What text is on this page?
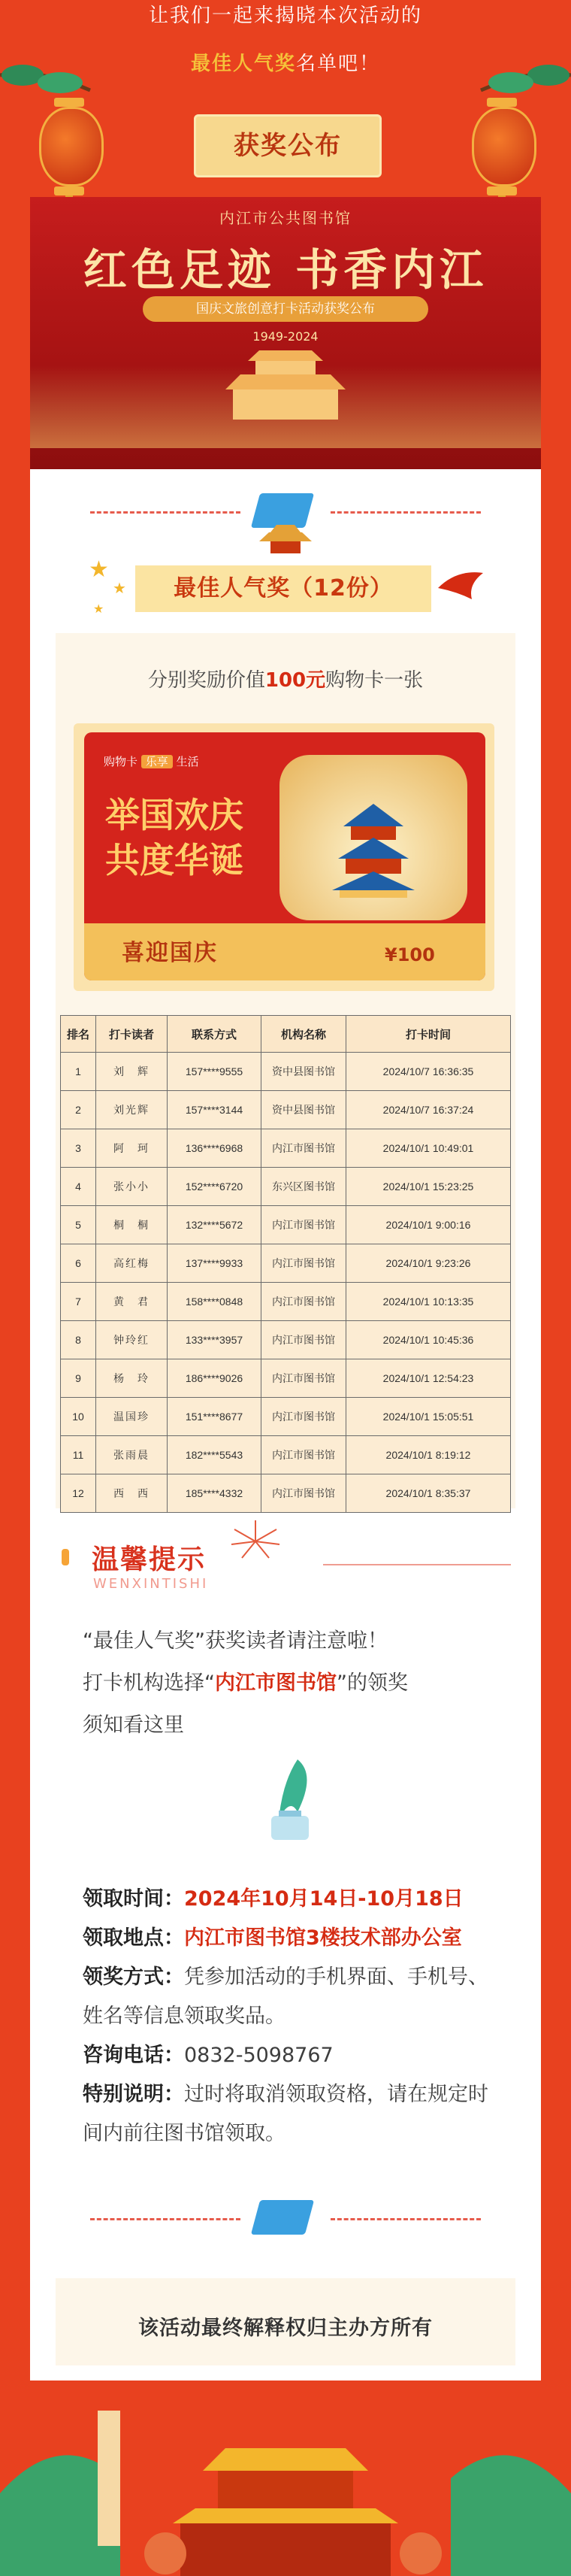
让我们一起来揭晓本次活动的
最佳人气奖名单吧！
获奖公布
内江市公共图书馆
红色足迹 书香内江
国庆文旅创意打卡活动获奖公布
1949-2024
★
★
★
最佳人气奖（12份）
分别奖励价值100元购物卡一张
购物卡 乐享 生活
举国欢庆
共度华诞
喜迎国庆	¥100
排名	打卡读者	联系方式	机构名称	打卡时间
1	刘　辉	157****9555	资中县图书馆	2024/10/7 16:36:35
2	刘光辉	157****3144	资中县图书馆	2024/10/7 16:37:24
3	阿　珂	136****6968	内江市图书馆	2024/10/1 10:49:01
4	张小小	152****6720	东兴区图书馆	2024/10/1 15:23:25
5	桐　桐	132****5672	内江市图书馆	2024/10/1 9:00:16
6	高红梅	137****9933	内江市图书馆	2024/10/1 9:23:26
7	黄　君	158****0848	内江市图书馆	2024/10/1 10:13:35
8	钟玲红	133****3957	内江市图书馆	2024/10/1 10:45:36
9	杨　玲	186****9026	内江市图书馆	2024/10/1 12:54:23
10	温国珍	151****8677	内江市图书馆	2024/10/1 15:05:51
11	张雨晨	182****5543	内江市图书馆	2024/10/1 8:19:12
12	西　西	185****4332	内江市图书馆	2024/10/1 8:35:37
温馨提示
WENXINTISHI
“最佳人气奖”获奖读者请注意啦！
打卡机构选择“内江市图书馆”的领奖
须知看这里
领取时间：2024年10月14日-10月18日
领取地点：内江市图书馆3楼技术部办公室
领奖方式：凭参加活动的手机界面、手机号、姓名等信息领取奖品。
咨询电话：0832-5098767
特别说明：过时将取消领取资格，请在规定时间内前往图书馆领取。
该活动最终解释权归主办方所有
